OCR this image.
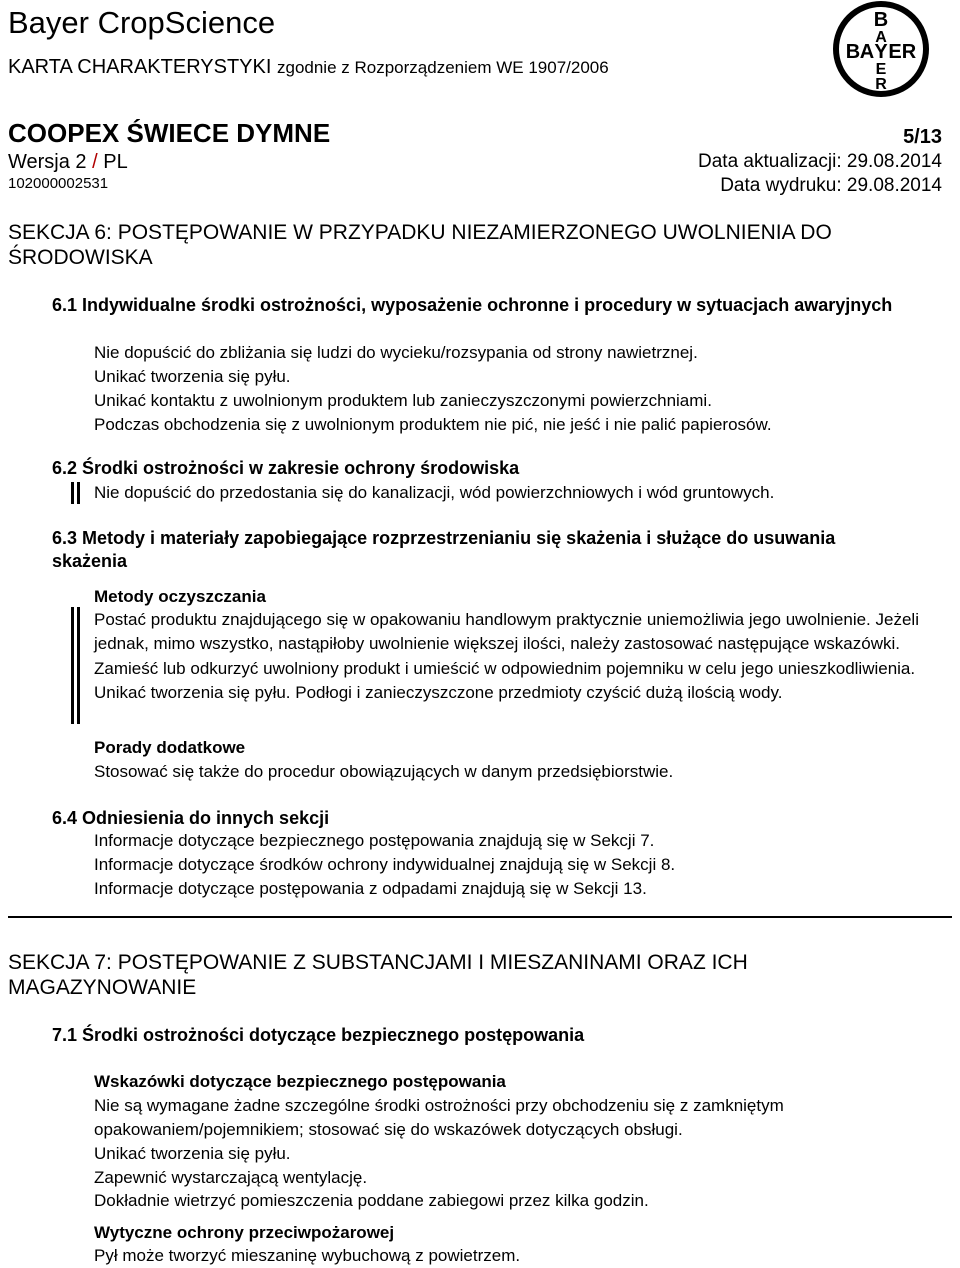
Bayer CropScience
KARTA CHARAKTERYSTYKI zgodnie z Rozporządzeniem WE 1907/2006
B
A
B A Y E R
E
R
COOPEX ŚWIECE DYMNE	5/13
Wersja 2 / PL
102000002531
Data aktualizacji: 29.08.2014
Data wydruku: 29.08.2014
SEKCJA 6: POSTĘPOWANIE W PRZYPADKU NIEZAMIERZONEGO UWOLNIENIA DO ŚRODOWISKA
6.1 Indywidualne środki ostrożności, wyposażenie ochronne i procedury w sytuacjach awaryjnych
Nie dopuścić do zbliżania się ludzi do wycieku/rozsypania od strony nawietrznej.
Unikać tworzenia się pyłu.
Unikać kontaktu z uwolnionym produktem lub zanieczyszczonymi powierzchniami.
Podczas obchodzenia się z uwolnionym produktem nie pić, nie jeść i nie palić papierosów.
6.2 Środki ostrożności w zakresie ochrony środowiska
Nie dopuścić do przedostania się do kanalizacji, wód powierzchniowych i wód gruntowych.
6.3 Metody i materiały zapobiegające rozprzestrzenianiu się skażenia i służące do usuwania skażenia
Metody oczyszczania
Postać produktu znajdującego się w opakowaniu handlowym praktycznie uniemożliwia jego uwolnienie. Jeżeli jednak, mimo wszystko, nastąpiłoby uwolnienie większej ilości, należy zastosować następujące wskazówki. Zamieść lub odkurzyć uwolniony produkt i umieścić w odpowiednim pojemniku w celu jego unieszkodliwienia. Unikać tworzenia się pyłu. Podłogi i zanieczyszczone przedmioty czyścić dużą ilością wody.
Porady dodatkowe
Stosować się także do procedur obowiązujących w danym przedsiębiorstwie.
6.4 Odniesienia do innych sekcji
Informacje dotyczące bezpiecznego postępowania znajdują się w Sekcji 7.
Informacje dotyczące środków ochrony indywidualnej znajdują się w Sekcji 8.
Informacje dotyczące postępowania z odpadami znajdują się w Sekcji 13.
SEKCJA 7: POSTĘPOWANIE Z SUBSTANCJAMI I MIESZANINAMI ORAZ ICH MAGAZYNOWANIE
7.1 Środki ostrożności dotyczące bezpiecznego postępowania
Wskazówki dotyczące bezpiecznego postępowania
Nie są wymagane żadne szczególne środki ostrożności przy obchodzeniu się z zamkniętym opakowaniem/pojemnikiem; stosować się do wskazówek dotyczących obsługi.
Unikać tworzenia się pyłu.
Zapewnić wystarczającą wentylację.
Dokładnie wietrzyć pomieszczenia poddane zabiegowi przez kilka godzin.
Wytyczne ochrony przeciwpożarowej
Pył może tworzyć mieszaninę wybuchową z powietrzem.
